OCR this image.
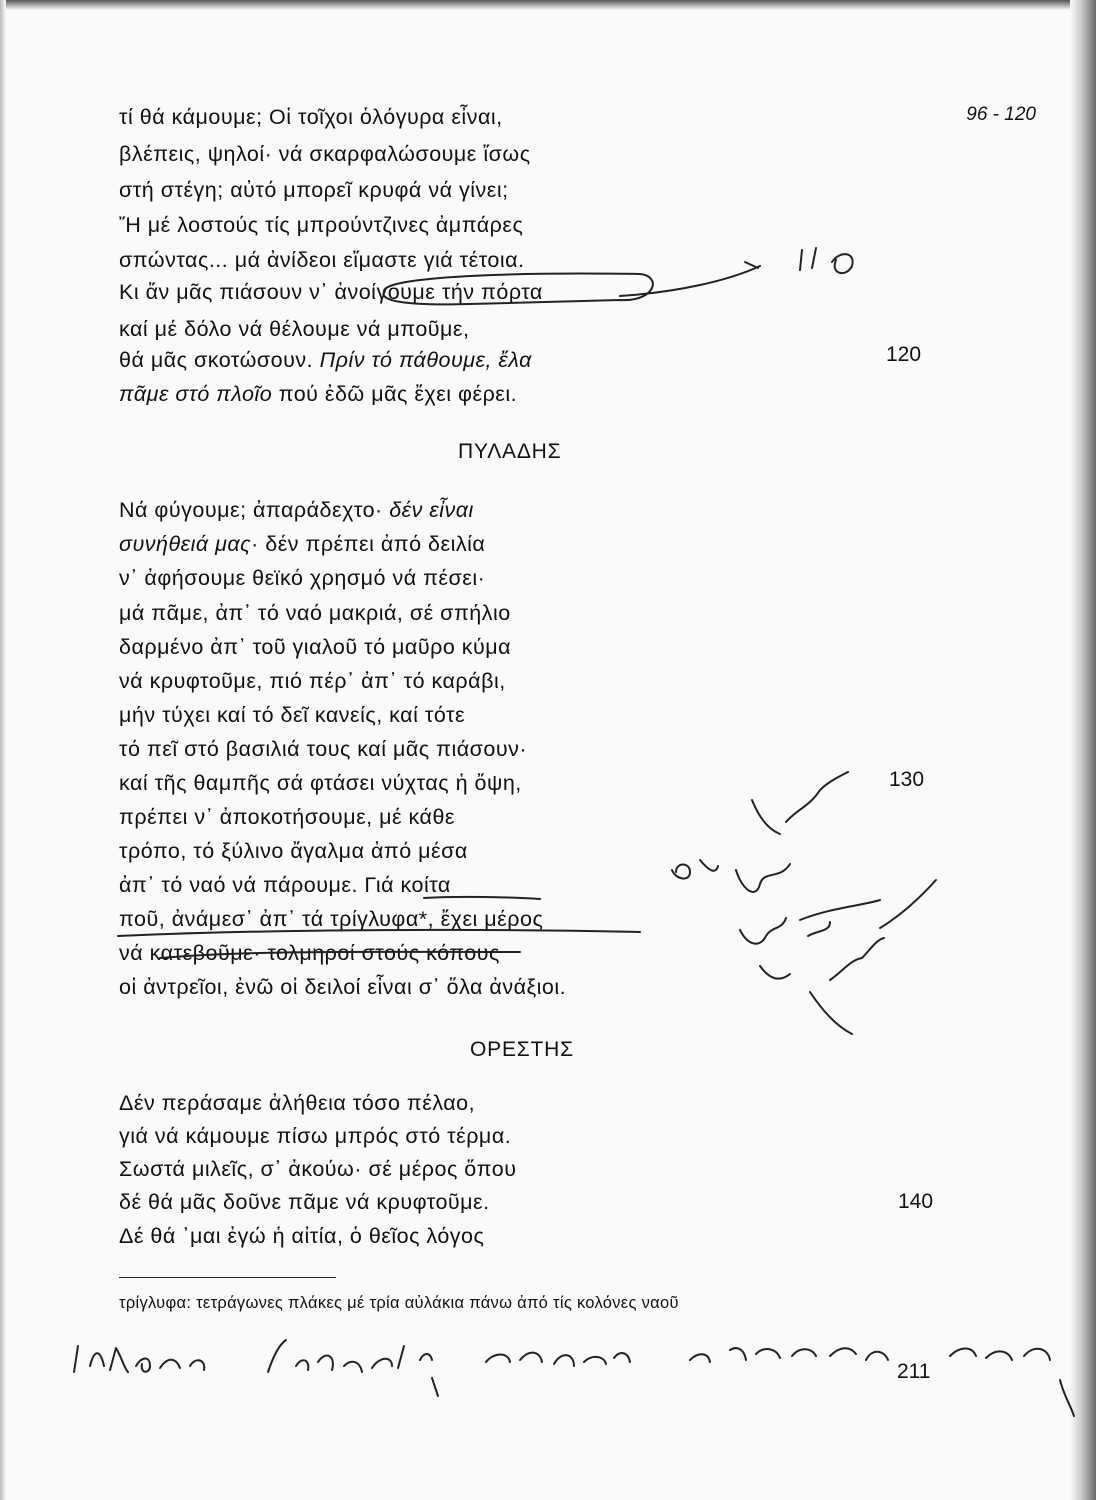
96 - 120
τί θά κάμουμε; Οἱ τοῖχοι ὁλόγυρα εἶναι,
βλέπεις, ψηλοί· νά σκαρφαλώσουμε ἴσως
στή στέγη; αὐτό μπορεῖ κρυφά νά γίνει;
Ἤ μέ λοστούς τίς μπρούντζινες ἀμπάρες
σπώντας... μά ἀνίδεοι εἴμαστε γιά τέτοια.
Κι ἄν μᾶς πιάσουν ν᾽ ἀνοίγουμε τήν πόρτα
καί μέ δόλο νά θέλουμε νά μποῦμε,
θά μᾶς σκοτώσουν. Πρίν τό πάθουμε, ἔλα
πᾶμε στό πλοῖο πού ἐδῶ μᾶς ἔχει φέρει.
120
ΠΥΛΑΔΗΣ
Νά φύγουμε; ἀπαράδεχτο· δέν εἶναι
συνήθειά μας· δέν πρέπει ἀπό δειλία
ν᾽ ἀφήσουμε θεϊκό χρησμό νά πέσει·
μά πᾶμε, ἀπ᾽ τό ναό μακριά, σέ σπήλιο
δαρμένο ἀπ᾽ τοῦ γιαλοῦ τό μαῦρο κύμα
νά κρυφτοῦμε, πιό πέρ᾽ ἀπ᾽ τό καράβι,
μήν τύχει καί τό δεῖ κανείς, καί τότε
τό πεῖ στό βασιλιά τους καί μᾶς πιάσουν·
καί τῆς θαμπῆς σά φτάσει νύχτας ἡ ὄψη,
πρέπει ν᾽ ἀποκοτήσουμε, μέ κάθε
τρόπο, τό ξύλινο ἄγαλμα ἀπό μέσα
ἀπ᾽ τό ναό νά πάρουμε. Γιά κοίτα
ποῦ, ἀνάμεσ᾽ ἀπ᾽ τά τρίγλυφα*, ἔχει μέρος
νά κατεβοῦμε· τολμηροί στούς κόπους
οἱ ἀντρεῖοι, ἐνῶ οἱ δειλοί εἶναι σ᾽ ὅλα ἀνάξιοι.
130
ΟΡΕΣΤΗΣ
Δέν περάσαμε ἀλήθεια τόσο πέλαο,
γιά νά κάμουμε πίσω μπρός στό τέρμα.
Σωστά μιλεῖς, σ᾽ ἀκούω· σέ μέρος ὅπου
δέ θά μᾶς δοῦνε πᾶμε νά κρυφτοῦμε.
Δέ θά ᾽μαι ἐγώ ἡ αἰτία, ὁ θεῖος λόγος
140
τρίγλυφα: τετράγωνες πλάκες μέ τρία αὐλάκια πάνω ἀπό τίς κολόνες ναοῦ
211
